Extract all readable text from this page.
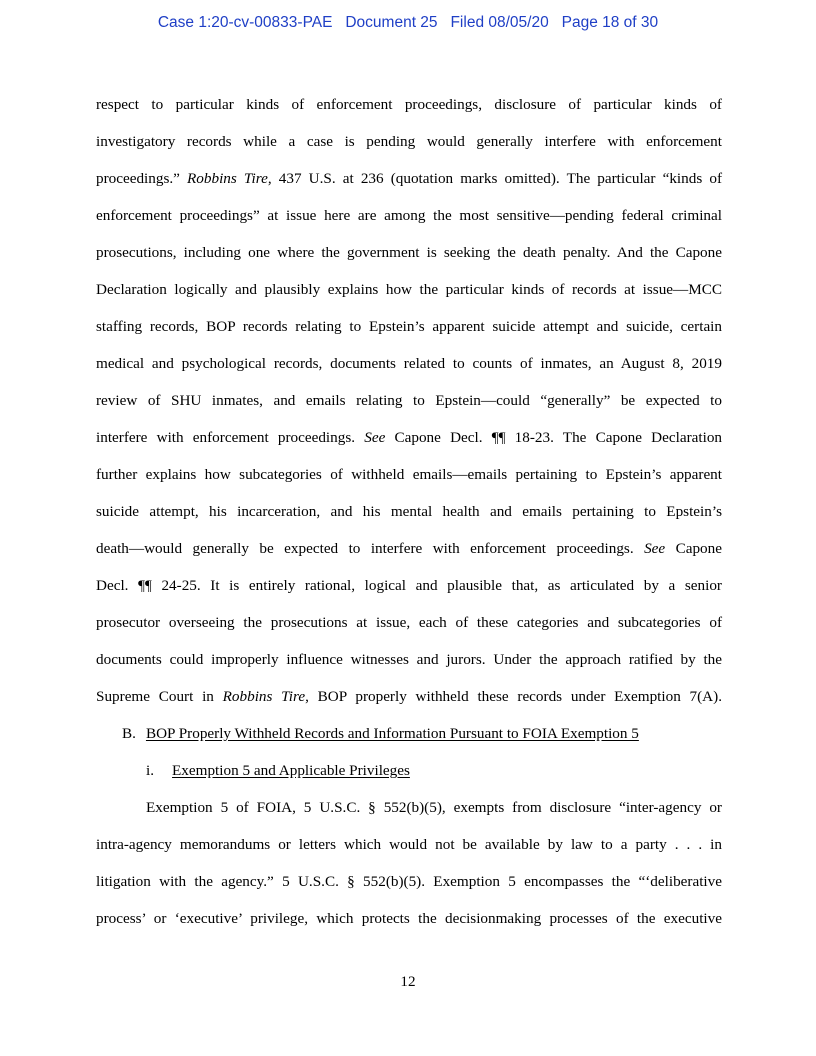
Case 1:20-cv-00833-PAE   Document 25   Filed 08/05/20   Page 18 of 30
respect to particular kinds of enforcement proceedings, disclosure of particular kinds of
investigatory records while a case is pending would generally interfere with enforcement
proceedings.” Robbins Tire, 437 U.S. at 236 (quotation marks omitted). The particular “kinds of
enforcement proceedings” at issue here are among the most sensitive—pending federal criminal
prosecutions, including one where the government is seeking the death penalty. And the Capone
Declaration logically and plausibly explains how the particular kinds of records at issue—MCC
staffing records, BOP records relating to Epstein’s apparent suicide attempt and suicide, certain
medical and psychological records, documents related to counts of inmates, an August 8, 2019
review of SHU inmates, and emails relating to Epstein—could “generally” be expected to
interfere with enforcement proceedings. See Capone Decl. ¶¶ 18-23. The Capone Declaration
further explains how subcategories of withheld emails—emails pertaining to Epstein’s apparent
suicide attempt, his incarceration, and his mental health and emails pertaining to Epstein’s
death—would generally be expected to interfere with enforcement proceedings. See Capone
Decl. ¶¶ 24-25. It is entirely rational, logical and plausible that, as articulated by a senior
prosecutor overseeing the prosecutions at issue, each of these categories and subcategories of
documents could improperly influence witnesses and jurors. Under the approach ratified by the
Supreme Court in Robbins Tire, BOP properly withheld these records under Exemption 7(A).
B. BOP Properly Withheld Records and Information Pursuant to FOIA Exemption 5
i. Exemption 5 and Applicable Privileges
Exemption 5 of FOIA, 5 U.S.C. § 552(b)(5), exempts from disclosure “inter-agency or
intra-agency memorandums or letters which would not be available by law to a party . . . in
litigation with the agency.” 5 U.S.C. § 552(b)(5). Exemption 5 encompasses the “‘deliberative
process’ or ‘executive’ privilege, which protects the decisionmaking processes of the executive
12
